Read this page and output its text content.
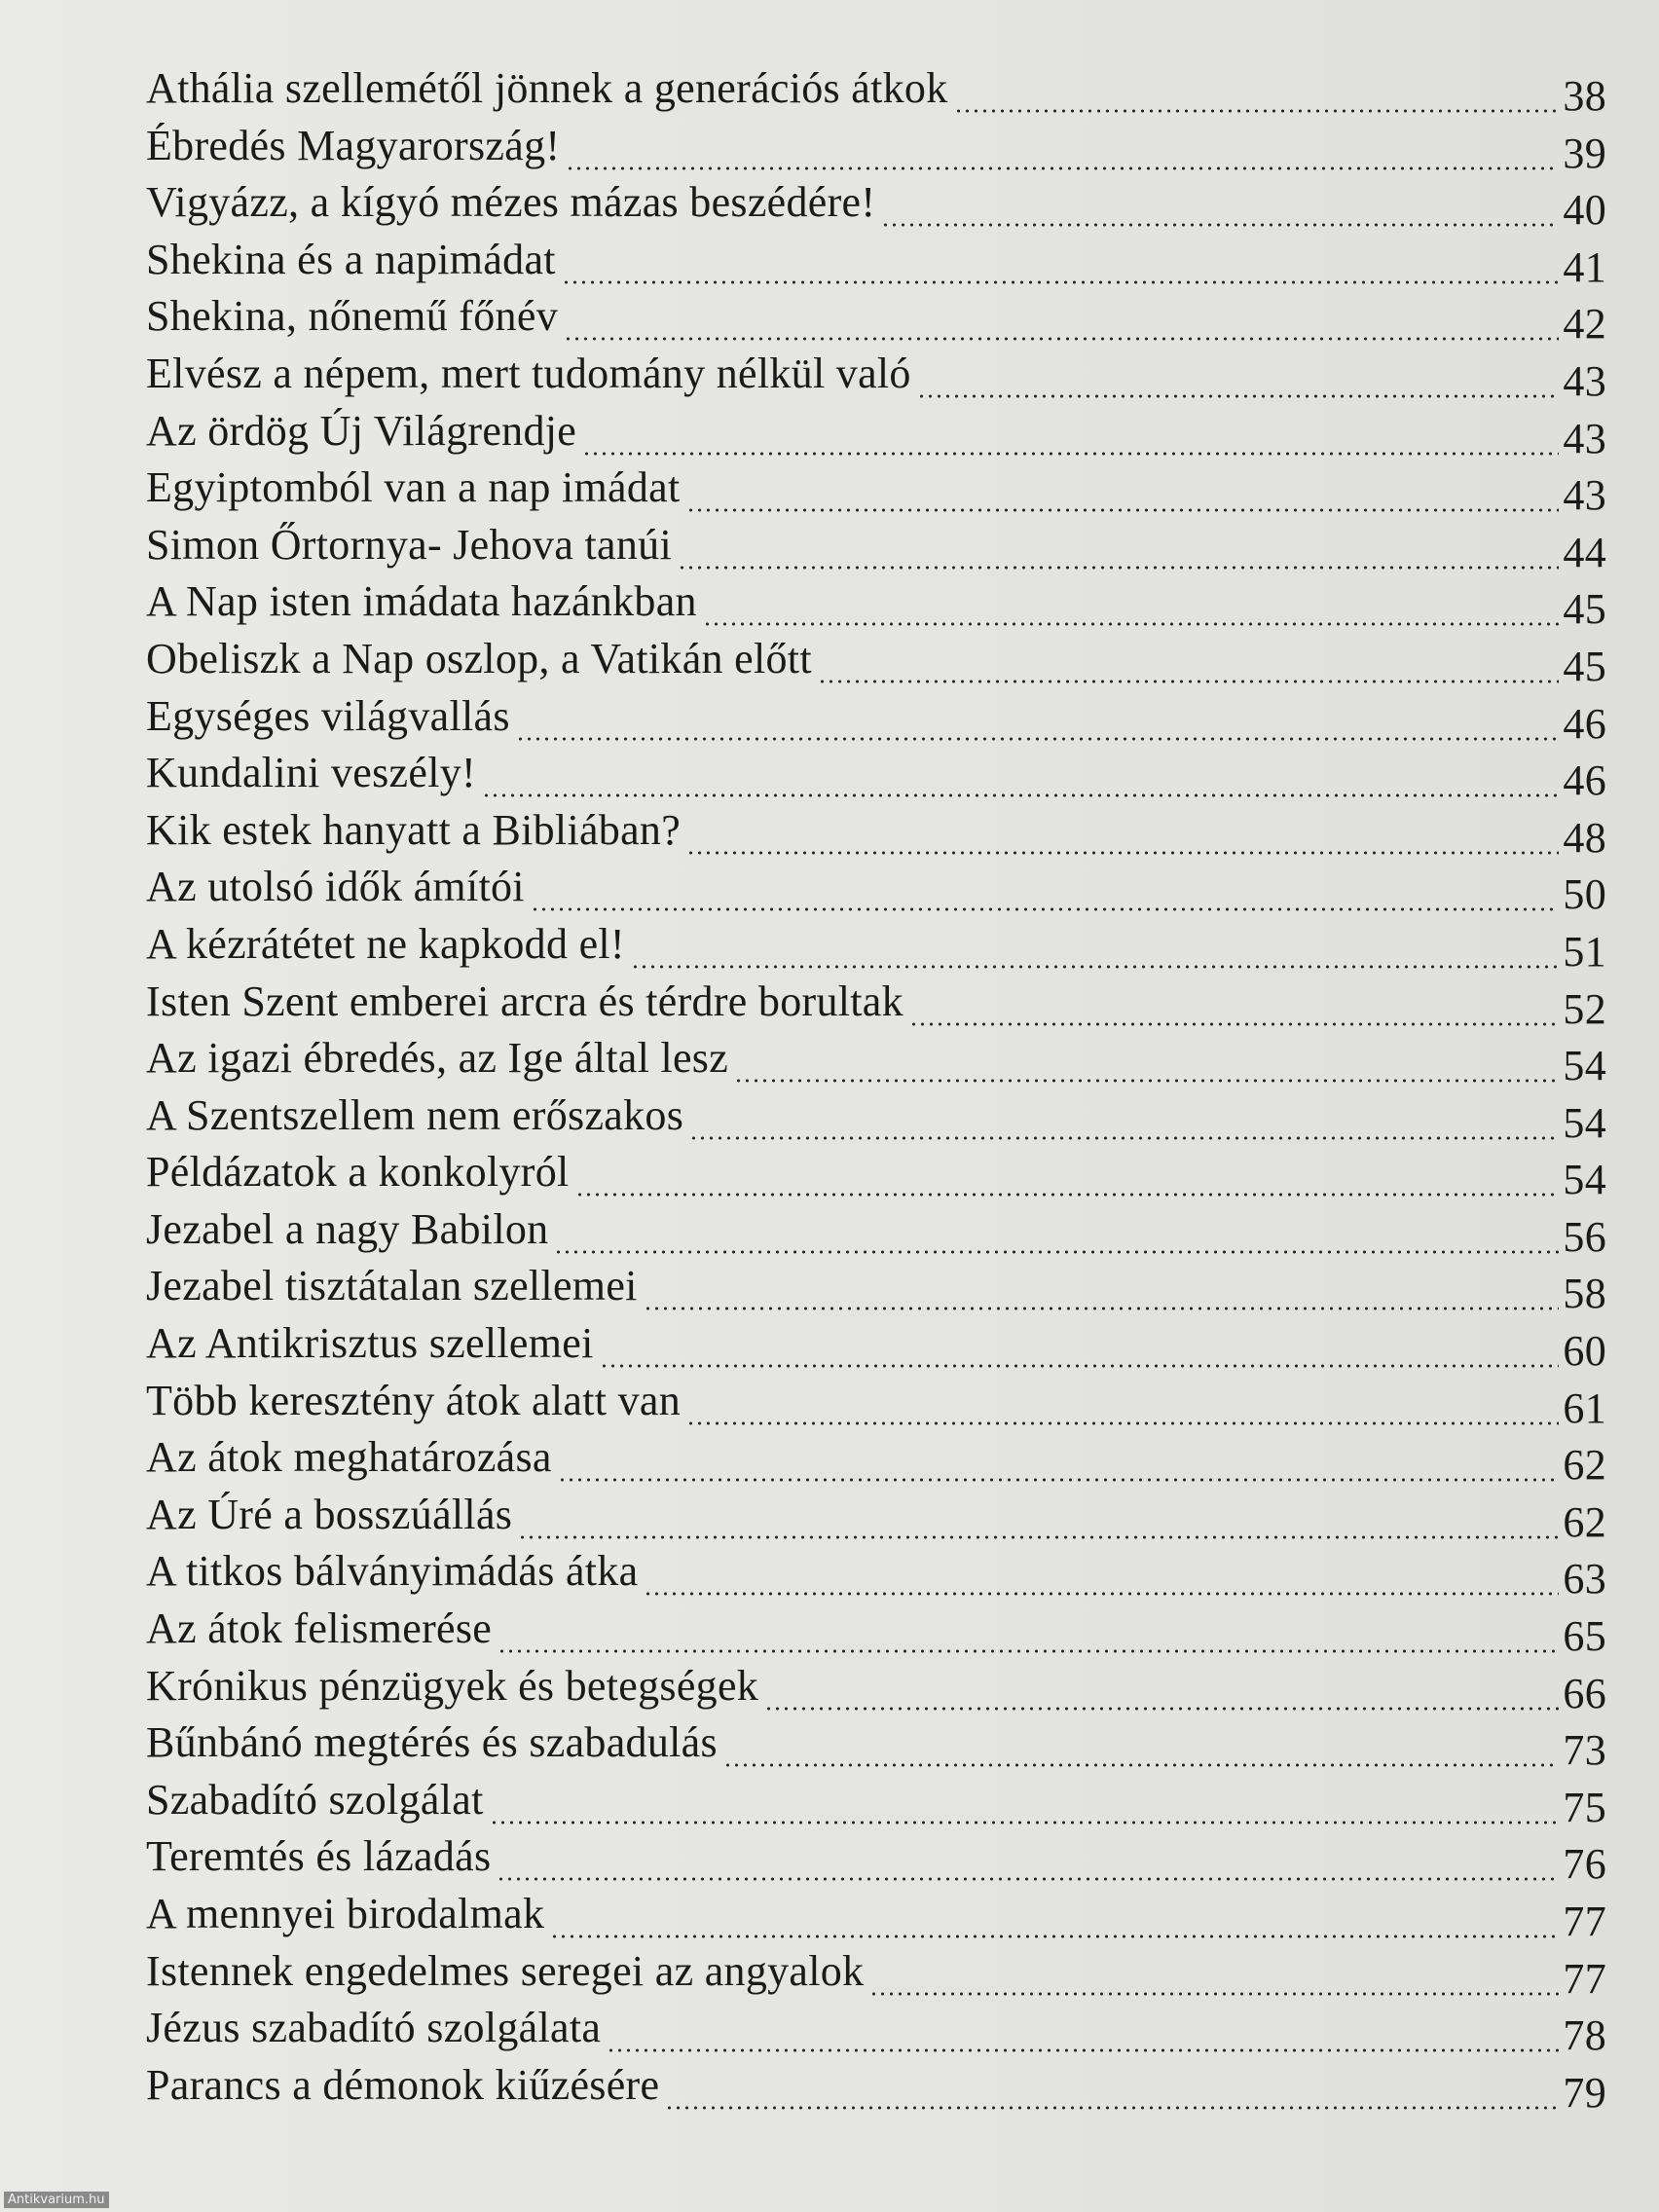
Athália szellemétől jönnek a generációs átkok	38
Ébredés Magyarország!	39
Vigyázz, a kígyó mézes mázas beszédére!	40
Shekina és a napimádat	41
Shekina, nőnemű főnév	42
Elvész a népem, mert tudomány nélkül való	43
Az ördög Új Világrendje	43
Egyiptomból van a nap imádat	43
Simon Őrtornya- Jehova tanúi	44
A Nap isten imádata hazánkban	45
Obeliszk a Nap oszlop, a Vatikán előtt	45
Egységes világvallás	46
Kundalini veszély!	46
Kik estek hanyatt a Bibliában?	48
Az utolsó idők ámítói	50
A kézrátétet ne kapkodd el!	51
Isten Szent emberei arcra és térdre borultak	52
Az igazi ébredés, az Ige által lesz	54
A Szentszellem nem erőszakos	54
Példázatok a konkolyról	54
Jezabel a nagy Babilon	56
Jezabel tisztátalan szellemei	58
Az Antikrisztus szellemei	60
Több keresztény átok alatt van	61
Az átok meghatározása	62
Az Úré a bosszúállás	62
A titkos bálványimádás átka	63
Az átok felismerése	65
Krónikus pénzügyek és betegségek	66
Bűnbánó megtérés és szabadulás	73
Szabadító szolgálat	75
Teremtés és lázadás	76
A mennyei birodalmak	77
Istennek engedelmes seregei az angyalok	77
Jézus szabadító szolgálata	78
Parancs a démonok kiűzésére	79
Antikvarium.hu
